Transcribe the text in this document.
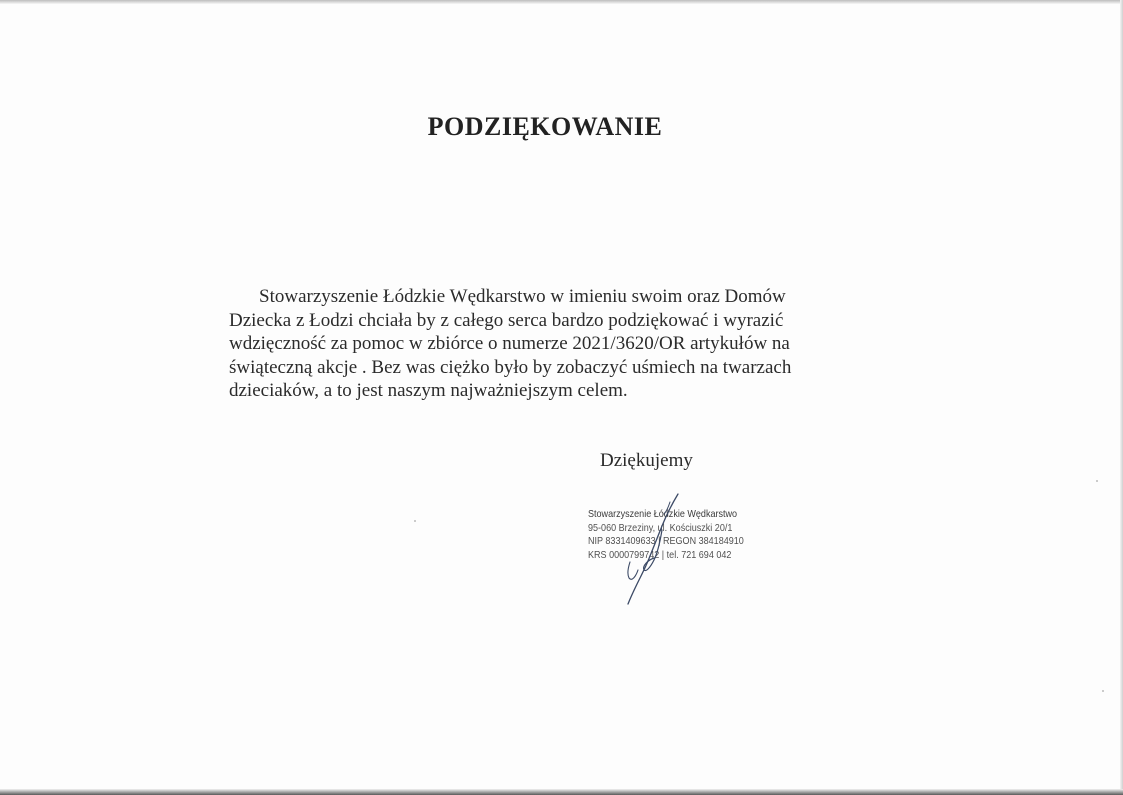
PODZIĘKOWANIE
Stowarzyszenie Łódzkie Wędkarstwo w imieniu swoim oraz Domów
Dziecka z Łodzi chciała by z całego serca bardzo podziękować i wyrazić
wdzięczność za pomoc w zbiórce o numerze 2021/3620/OR artykułów na
świąteczną akcje . Bez was ciężko było by zobaczyć uśmiech na twarzach
dzieciaków, a to jest naszym najważniejszym celem.
Dziękujemy
Stowarzyszenie Łódzkie Wędkarstwo
95-060 Brzeziny, ul. Kościuszki 20/1
NIP 8331409633 | REGON 384184910
KRS 0000799742 | tel. 721 694 042
